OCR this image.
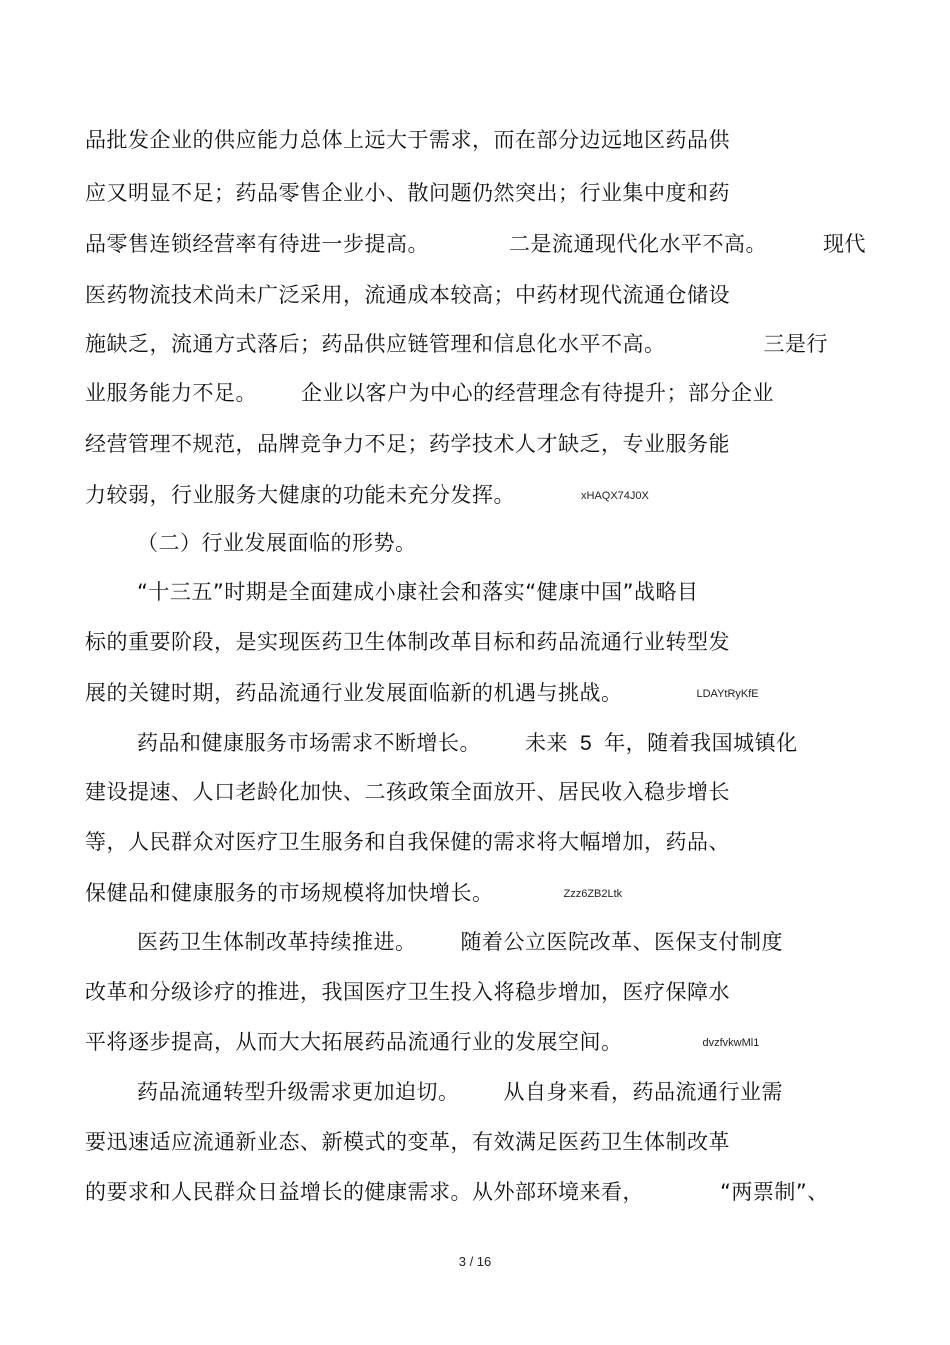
品批发企业的供应能力总体上远大于需求，而在部分边远地区药品供
应又明显不足；药品零售企业小、散问题仍然突出；行业集中度和药
品零售连锁经营率有待进一步提高。	二是流通现代化水平不高。	现代
医药物流技术尚未广泛采用，流通成本较高；中药材现代流通仓储设
施缺乏，流通方式落后；药品供应链管理和信息化水平不高。	三是行
业服务能力不足。 企业以客户为中心的经营理念有待提升；部分企业
经营管理不规范，品牌竞争力不足；药学技术人才缺乏，专业服务能
力较弱，行业服务大健康的功能未充分发挥。	xHAQX74J0X
（二）行业发展面临的形势。
“十三五”时期是全面建成小康社会和落实“健康中国”战略目
标的重要阶段，是实现医药卫生体制改革目标和药品流通行业转型发
展的关键时期，药品流通行业发展面临新的机遇与挑战。	LDAYtRyKfE
药品和健康服务市场需求不断增长。 未来 5 年，随着我国城镇化
建设提速、人口老龄化加快、二孩政策全面放开、居民收入稳步增长
等，人民群众对医疗卫生服务和自我保健的需求将大幅增加，药品、
保健品和健康服务的市场规模将加快增长。	Zzz6ZB2Ltk
医药卫生体制改革持续推进。 随着公立医院改革、医保支付制度
改革和分级诊疗的推进，我国医疗卫生投入将稳步增加，医疗保障水
平将逐步提高，从而大大拓展药品流通行业的发展空间。	dvzfvkwMl1
药品流通转型升级需求更加迫切。 从自身来看，药品流通行业需
要迅速适应流通新业态、新模式的变革，有效满足医药卫生体制改革
的要求和人民群众日益增长的健康需求。从外部环境来看，	“两票制”、
3 / 16
